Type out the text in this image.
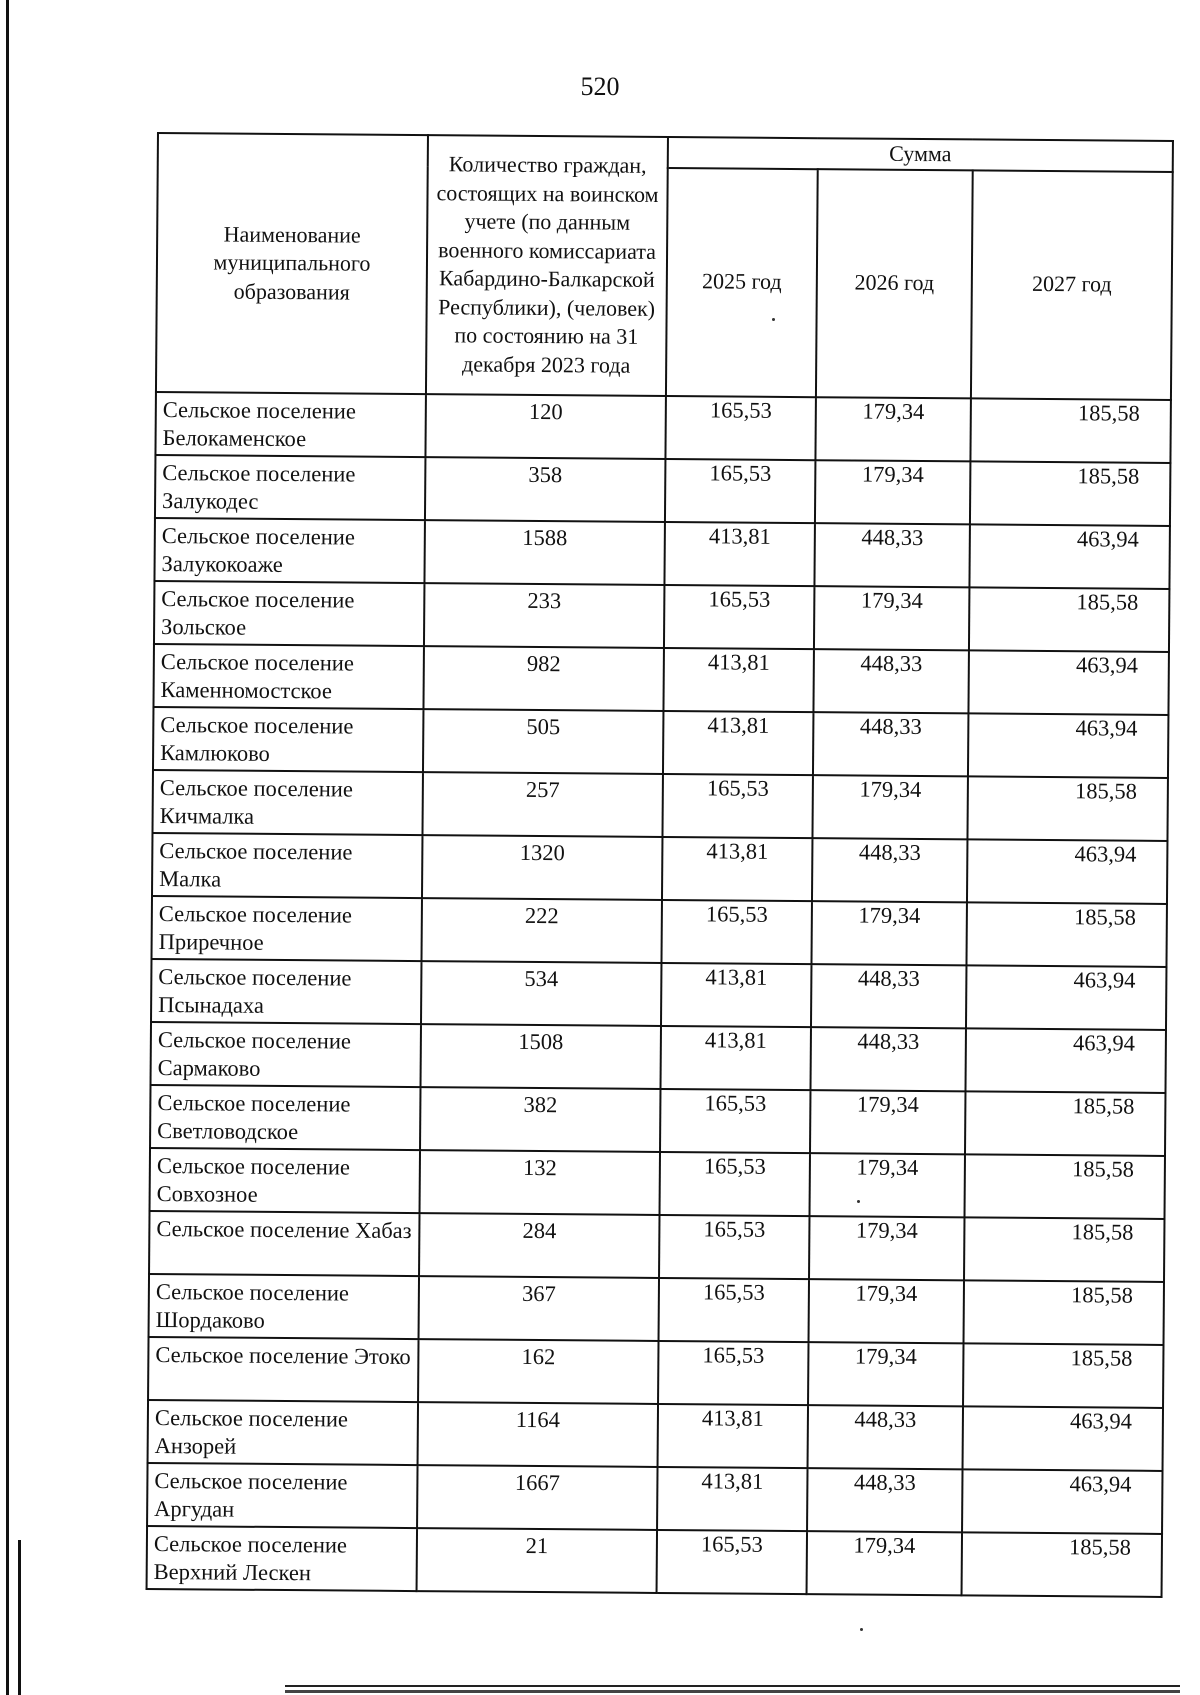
520
Наименование муниципального образования	Количество граждан, состоящих на воинском учете (по данным военного комиссариата Кабардино-Балкарской Республики), (человек) по состоянию на 31 декабря 2023 года	Сумма		
		2025 год	2026 год	2027 год
Сельское поселение Белокаменское	120	165,53	179,34	185,58
Сельское поселение Залукодес	358	165,53	179,34	185,58
Сельское поселение Залукокоаже	1588	413,81	448,33	463,94
Сельское поселение Зольское	233	165,53	179,34	185,58
Сельское поселение Каменномостское	982	413,81	448,33	463,94
Сельское поселение Камлюково	505	413,81	448,33	463,94
Сельское поселение Кичмалка	257	165,53	179,34	185,58
Сельское поселение Малка	1320	413,81	448,33	463,94
Сельское поселение Приречное	222	165,53	179,34	185,58
Сельское поселение Псынадаха	534	413,81	448,33	463,94
Сельское поселение Сармаково	1508	413,81	448,33	463,94
Сельское поселение Светловодское	382	165,53	179,34	185,58
Сельское поселение Совхозное	132	165,53	179,34	185,58
Сельское поселение Хабаз	284	165,53	179,34	185,58
Сельское поселение Шордаково	367	165,53	179,34	185,58
Сельское поселение Этоко	162	165,53	179,34	185,58
Сельское поселение Анзорей	1164	413,81	448,33	463,94
Сельское поселение Аргудан	1667	413,81	448,33	463,94
Сельское поселение Верхний Лескен	21	165,53	179,34	185,58
